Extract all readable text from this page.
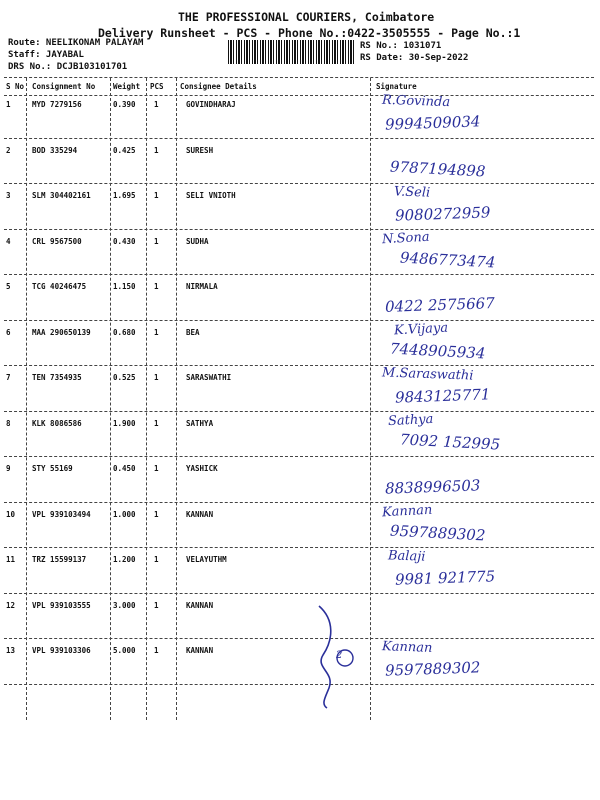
THE PROFESSIONAL COURIERS, Coimbatore
Delivery Runsheet - PCS - Phone No.:0422-3505555 - Page No.:1
Route: NEELIKONAM PALAYAM
Staff: JAYABAL
DRS No.: DCJB103101701
RS No.: 1031071
RS Date: 30-Sep-2022
S No Consignment No Weight PCS Consignee Details	Signature
1	MYD 7279156	0.390 1	GOVINDHARAJ	R.Govinda
9994509034
2	BOD 335294	0.425 1	SURESH
9787194898
3	SLM 304402161	1.695 1	SELI VNIOTH	V.Seli
9080272959
4	CRL 9567500	0.430 1	SUDHA	N.Sona
9486773474
5	TCG 40246475	1.150 1	NIRMALA
0422 2575667
6	MAA 290650139	0.680 1	BEA	K.Vijaya
7448905934
7	TEN 7354935	0.525 1	SARASWATHI	M.Saraswathi
9843125771
8	KLK 8086586	1.900 1	SATHYA	Sathya
7092 152995
9	STY 55169	0.450 1	YASHICK
8838996503
10 VPL 939103494	1.000 1	KANNAN	Kannan
9597889302
11 TRZ 15599137	1.200 1	VELAYUTHM	Balaji
9981 921775
12 VPL 939103555	3.000 1	KANNAN
13 VPL 939103306	5.000 1	KANNAN	Kannan
9597889302
2
